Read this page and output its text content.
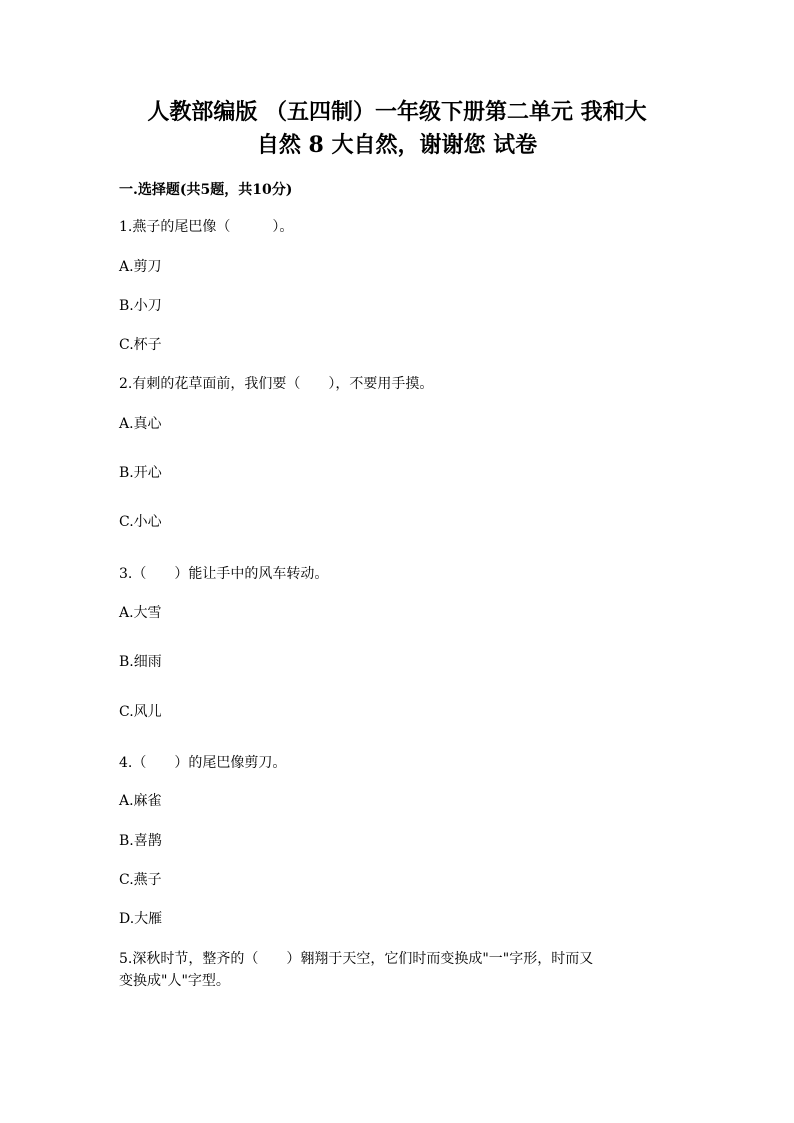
人教部编版 （五四制）一年级下册第二单元 我和大
自然 8 大自然，谢谢您 试卷
一.选择题(共5题，共10分)
1.燕子的尾巴像（　　　）。
A.剪刀
B.小刀
C.杯子
2.有刺的花草面前，我们要（　　），不要用手摸。
A.真心
B.开心
C.小心
3.（　　）能让手中的风车转动。
A.大雪
B.细雨
C.风儿
4.（　　）的尾巴像剪刀。
A.麻雀
B.喜鹊
C.燕子
D.大雁
5.深秋时节，整齐的（　　）翱翔于天空，它们时而变换成"一"字形，时而又
变换成"人"字型。
